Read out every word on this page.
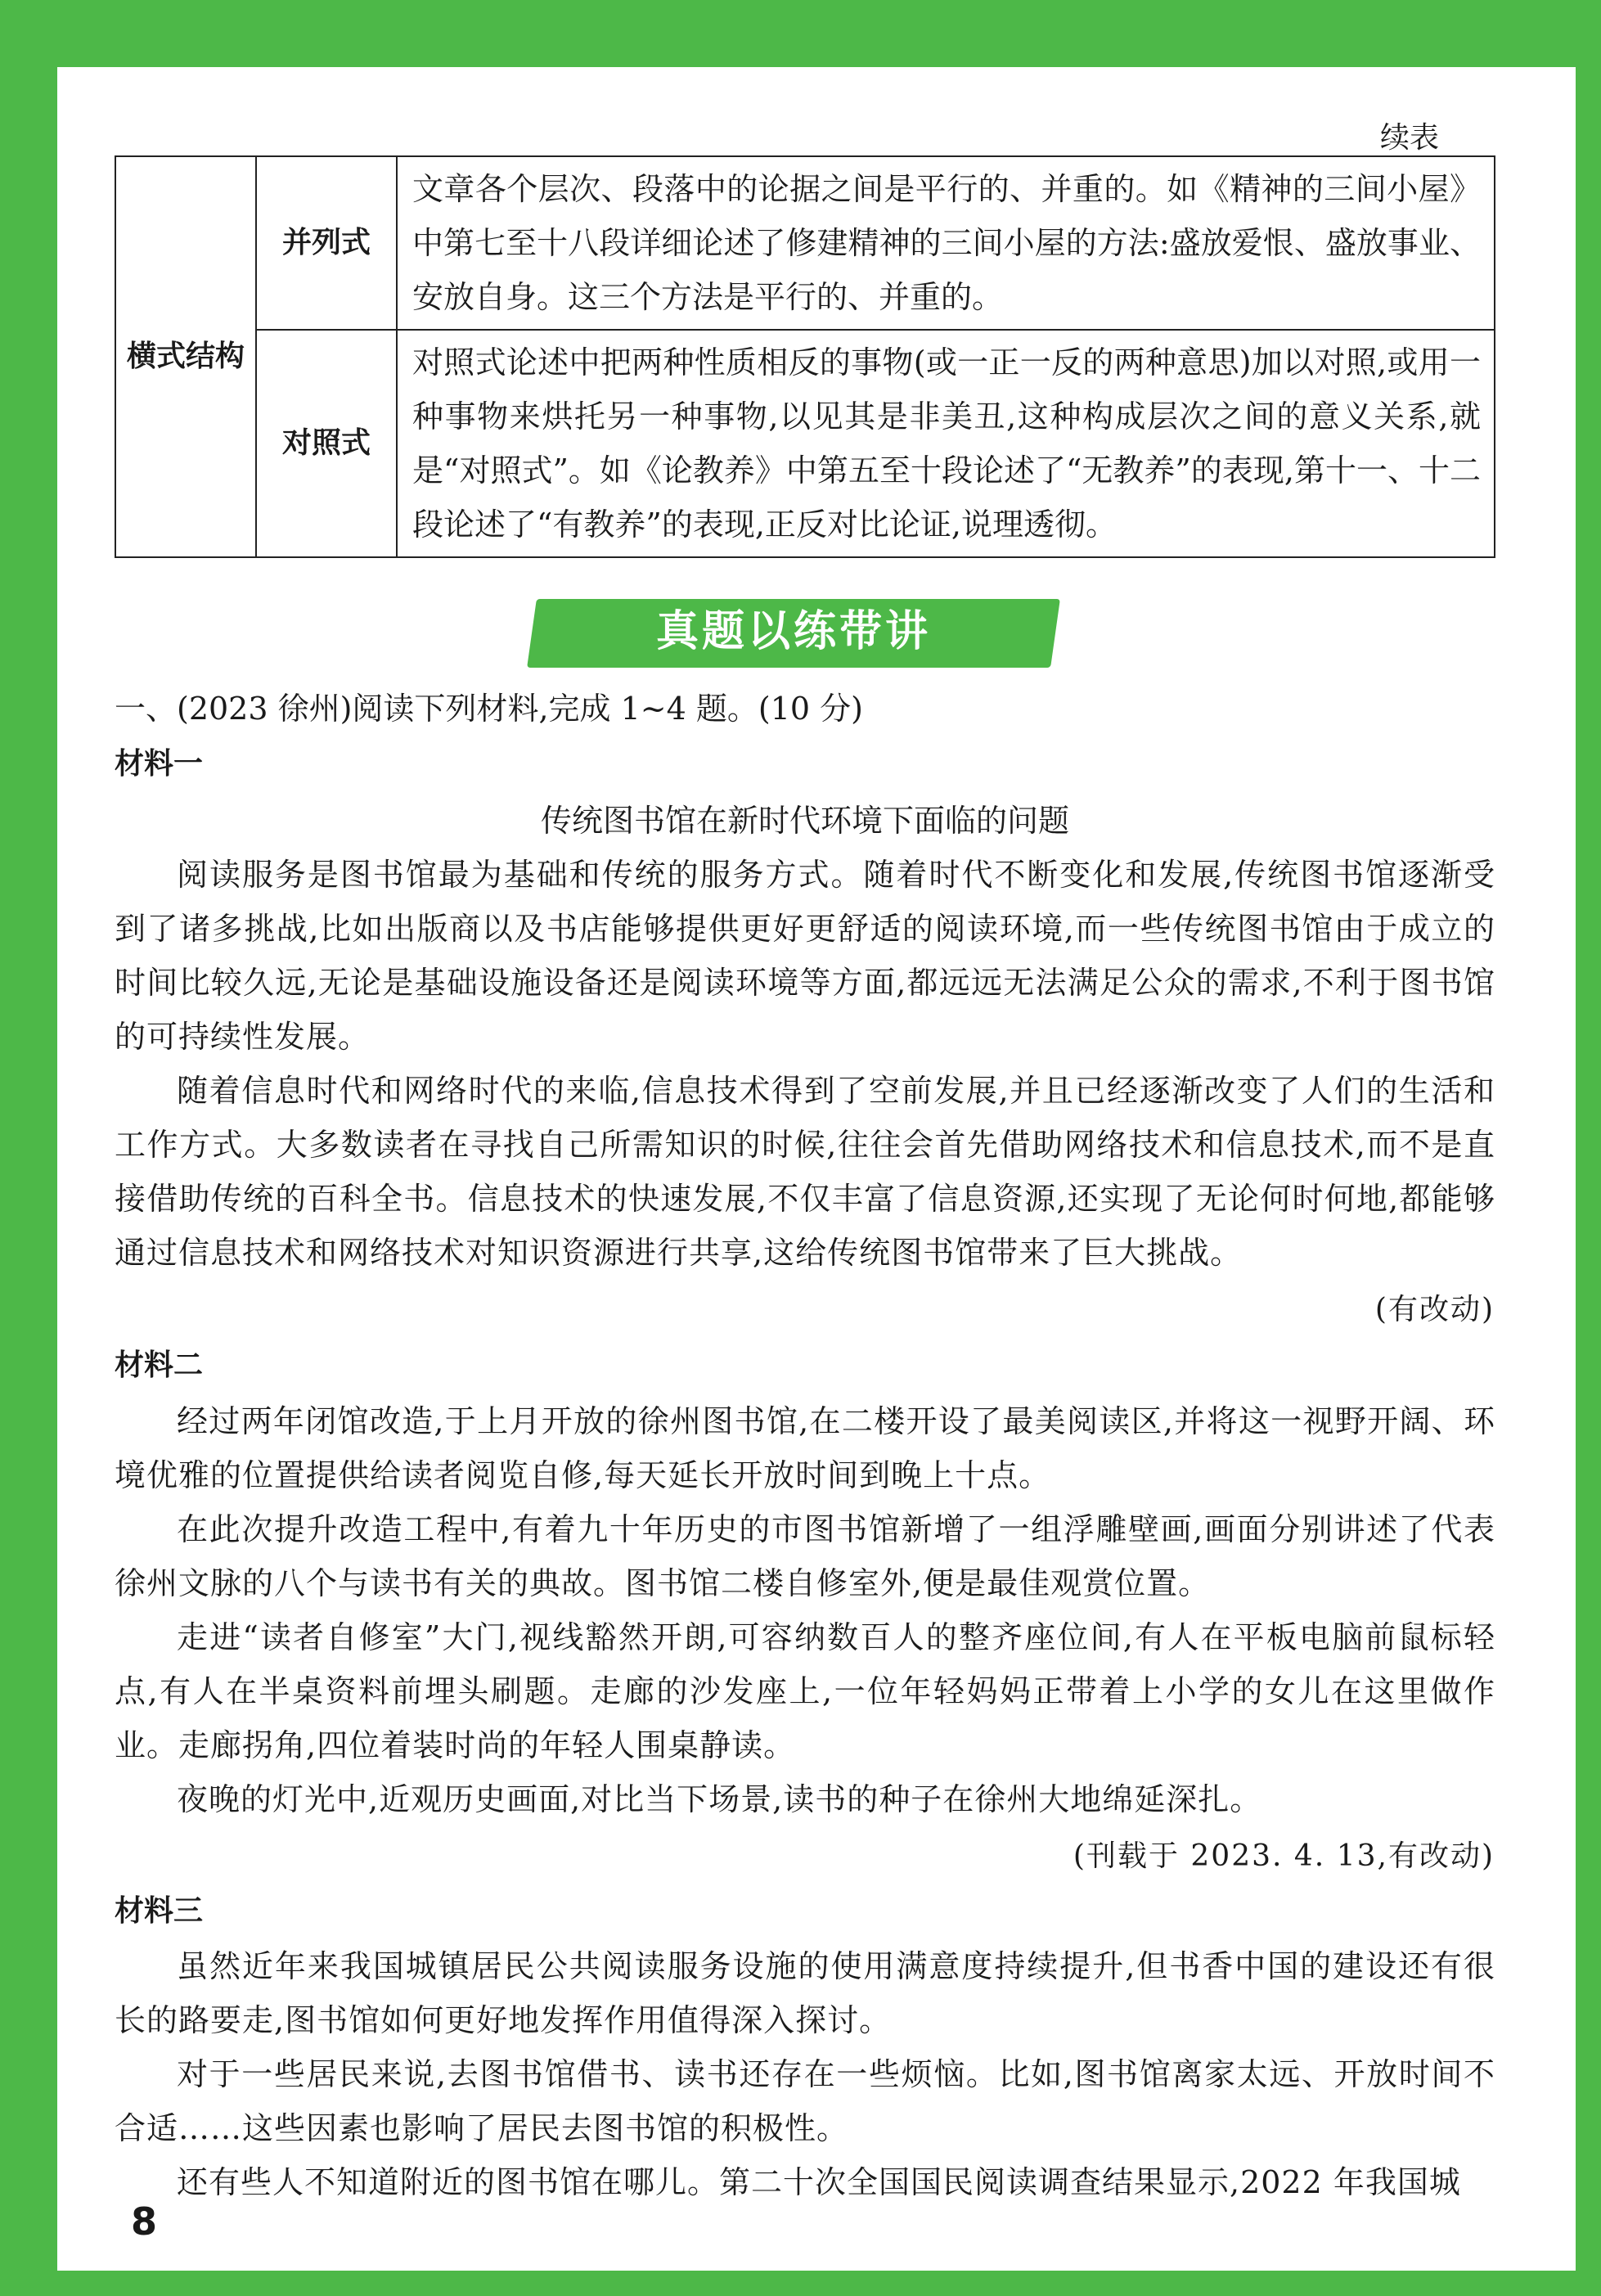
续表
横式结构	并列式	文章各个层次、段落中的论据之间是平行的、并重的。如《精神的三间小屋》中第七至十八段详细论述了修建精神的三间小屋的方法:盛放爱恨、盛放事业、安放自身。这三个方法是平行的、并重的。
	对照式	对照式论述中把两种性质相反的事物(或一正一反的两种意思)加以对照,或用一种事物来烘托另一种事物,以见其是非美丑,这种构成层次之间的意义关系,就是“对照式”。如《论教养》中第五至十段论述了“无教养”的表现,第十一、十二段论述了“有教养”的表现,正反对比论证,说理透彻。
真题以练带讲
一、(2023 徐州)阅读下列材料,完成 1~4 题。(10 分)
材料一
传统图书馆在新时代环境下面临的问题
阅读服务是图书馆最为基础和传统的服务方式。随着时代不断变化和发展,传统图书馆逐渐受到了诸多挑战,比如出版商以及书店能够提供更好更舒适的阅读环境,而一些传统图书馆由于成立的时间比较久远,无论是基础设施设备还是阅读环境等方面,都远远无法满足公众的需求,不利于图书馆的可持续性发展。
随着信息时代和网络时代的来临,信息技术得到了空前发展,并且已经逐渐改变了人们的生活和工作方式。大多数读者在寻找自己所需知识的时候,往往会首先借助网络技术和信息技术,而不是直接借助传统的百科全书。信息技术的快速发展,不仅丰富了信息资源,还实现了无论何时何地,都能够通过信息技术和网络技术对知识资源进行共享,这给传统图书馆带来了巨大挑战。
(有改动)
材料二
经过两年闭馆改造,于上月开放的徐州图书馆,在二楼开设了最美阅读区,并将这一视野开阔、环境优雅的位置提供给读者阅览自修,每天延长开放时间到晚上十点。
在此次提升改造工程中,有着九十年历史的市图书馆新增了一组浮雕壁画,画面分别讲述了代表徐州文脉的八个与读书有关的典故。图书馆二楼自修室外,便是最佳观赏位置。
走进“读者自修室”大门,视线豁然开朗,可容纳数百人的整齐座位间,有人在平板电脑前鼠标轻点,有人在半桌资料前埋头刷题。走廊的沙发座上,一位年轻妈妈正带着上小学的女儿在这里做作业。走廊拐角,四位着装时尚的年轻人围桌静读。
夜晚的灯光中,近观历史画面,对比当下场景,读书的种子在徐州大地绵延深扎。
(刊载于 2023. 4. 13,有改动)
材料三
虽然近年来我国城镇居民公共阅读服务设施的使用满意度持续提升,但书香中国的建设还有很长的路要走,图书馆如何更好地发挥作用值得深入探讨。
对于一些居民来说,去图书馆借书、读书还存在一些烦恼。比如,图书馆离家太远、开放时间不合适……这些因素也影响了居民去图书馆的积极性。
还有些人不知道附近的图书馆在哪儿。第二十次全国国民阅读调查结果显示,2022 年我国城
8
